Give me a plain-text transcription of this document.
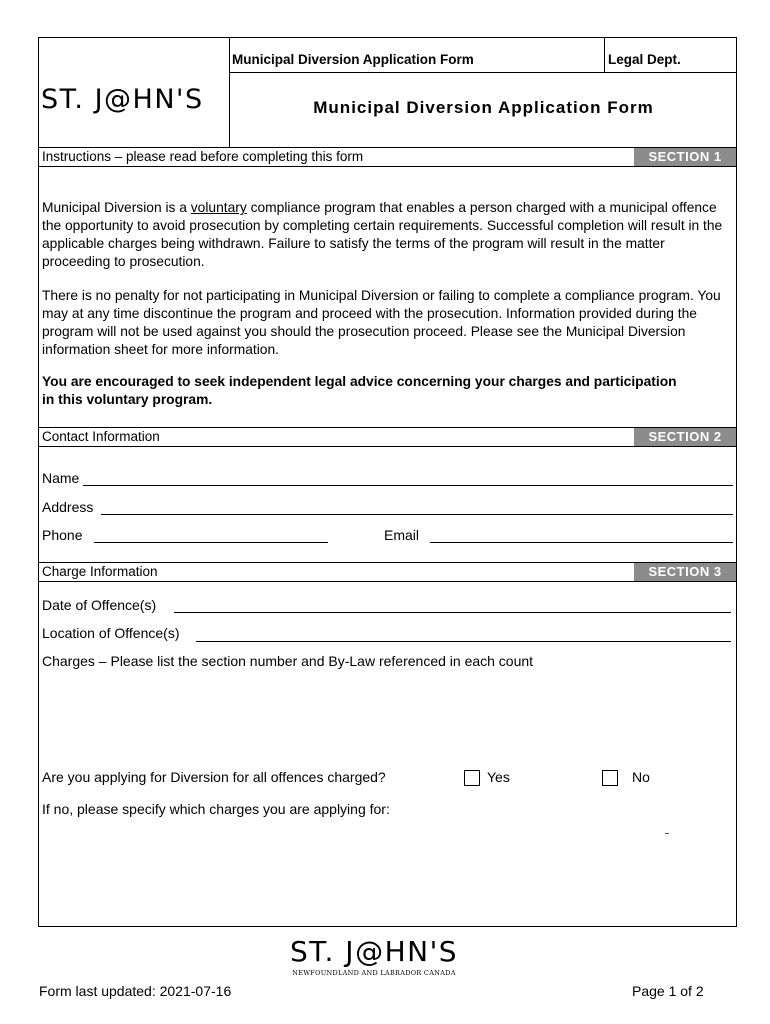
Municipal Diversion Application Form	Legal Dept.
Municipal Diversion Application Form
ST. J@HN'S
Instructions – please read before completing this form	SECTION 1
Municipal Diversion is a voluntary compliance program that enables a person charged with a municipal offence the opportunity to avoid prosecution by completing certain requirements. Successful completion will result in the applicable charges being withdrawn. Failure to satisfy the terms of the program will result in the matter proceeding to prosecution.
There is no penalty for not participating in Municipal Diversion or failing to complete a compliance program. You may at any time discontinue the program and proceed with the prosecution. Information provided during the program will not be used against you should the prosecution proceed. Please see the Municipal Diversion information sheet for more information.
You are encouraged to seek independent legal advice concerning your charges and participation in this voluntary program.
Contact Information	SECTION 2
Name
Address
Phone	Email
Charge Information	SECTION 3
Date of Offence(s)
Location of Offence(s)
Charges – Please list the section number and By-Law referenced in each count
Are you applying for Diversion for all offences charged?	Yes	No
If no, please specify which charges you are applying for:
ST. J@HN'S
NEWFOUNDLAND AND LABRADOR CANADA
Form last updated: 2021-07-16	Page 1 of 2
